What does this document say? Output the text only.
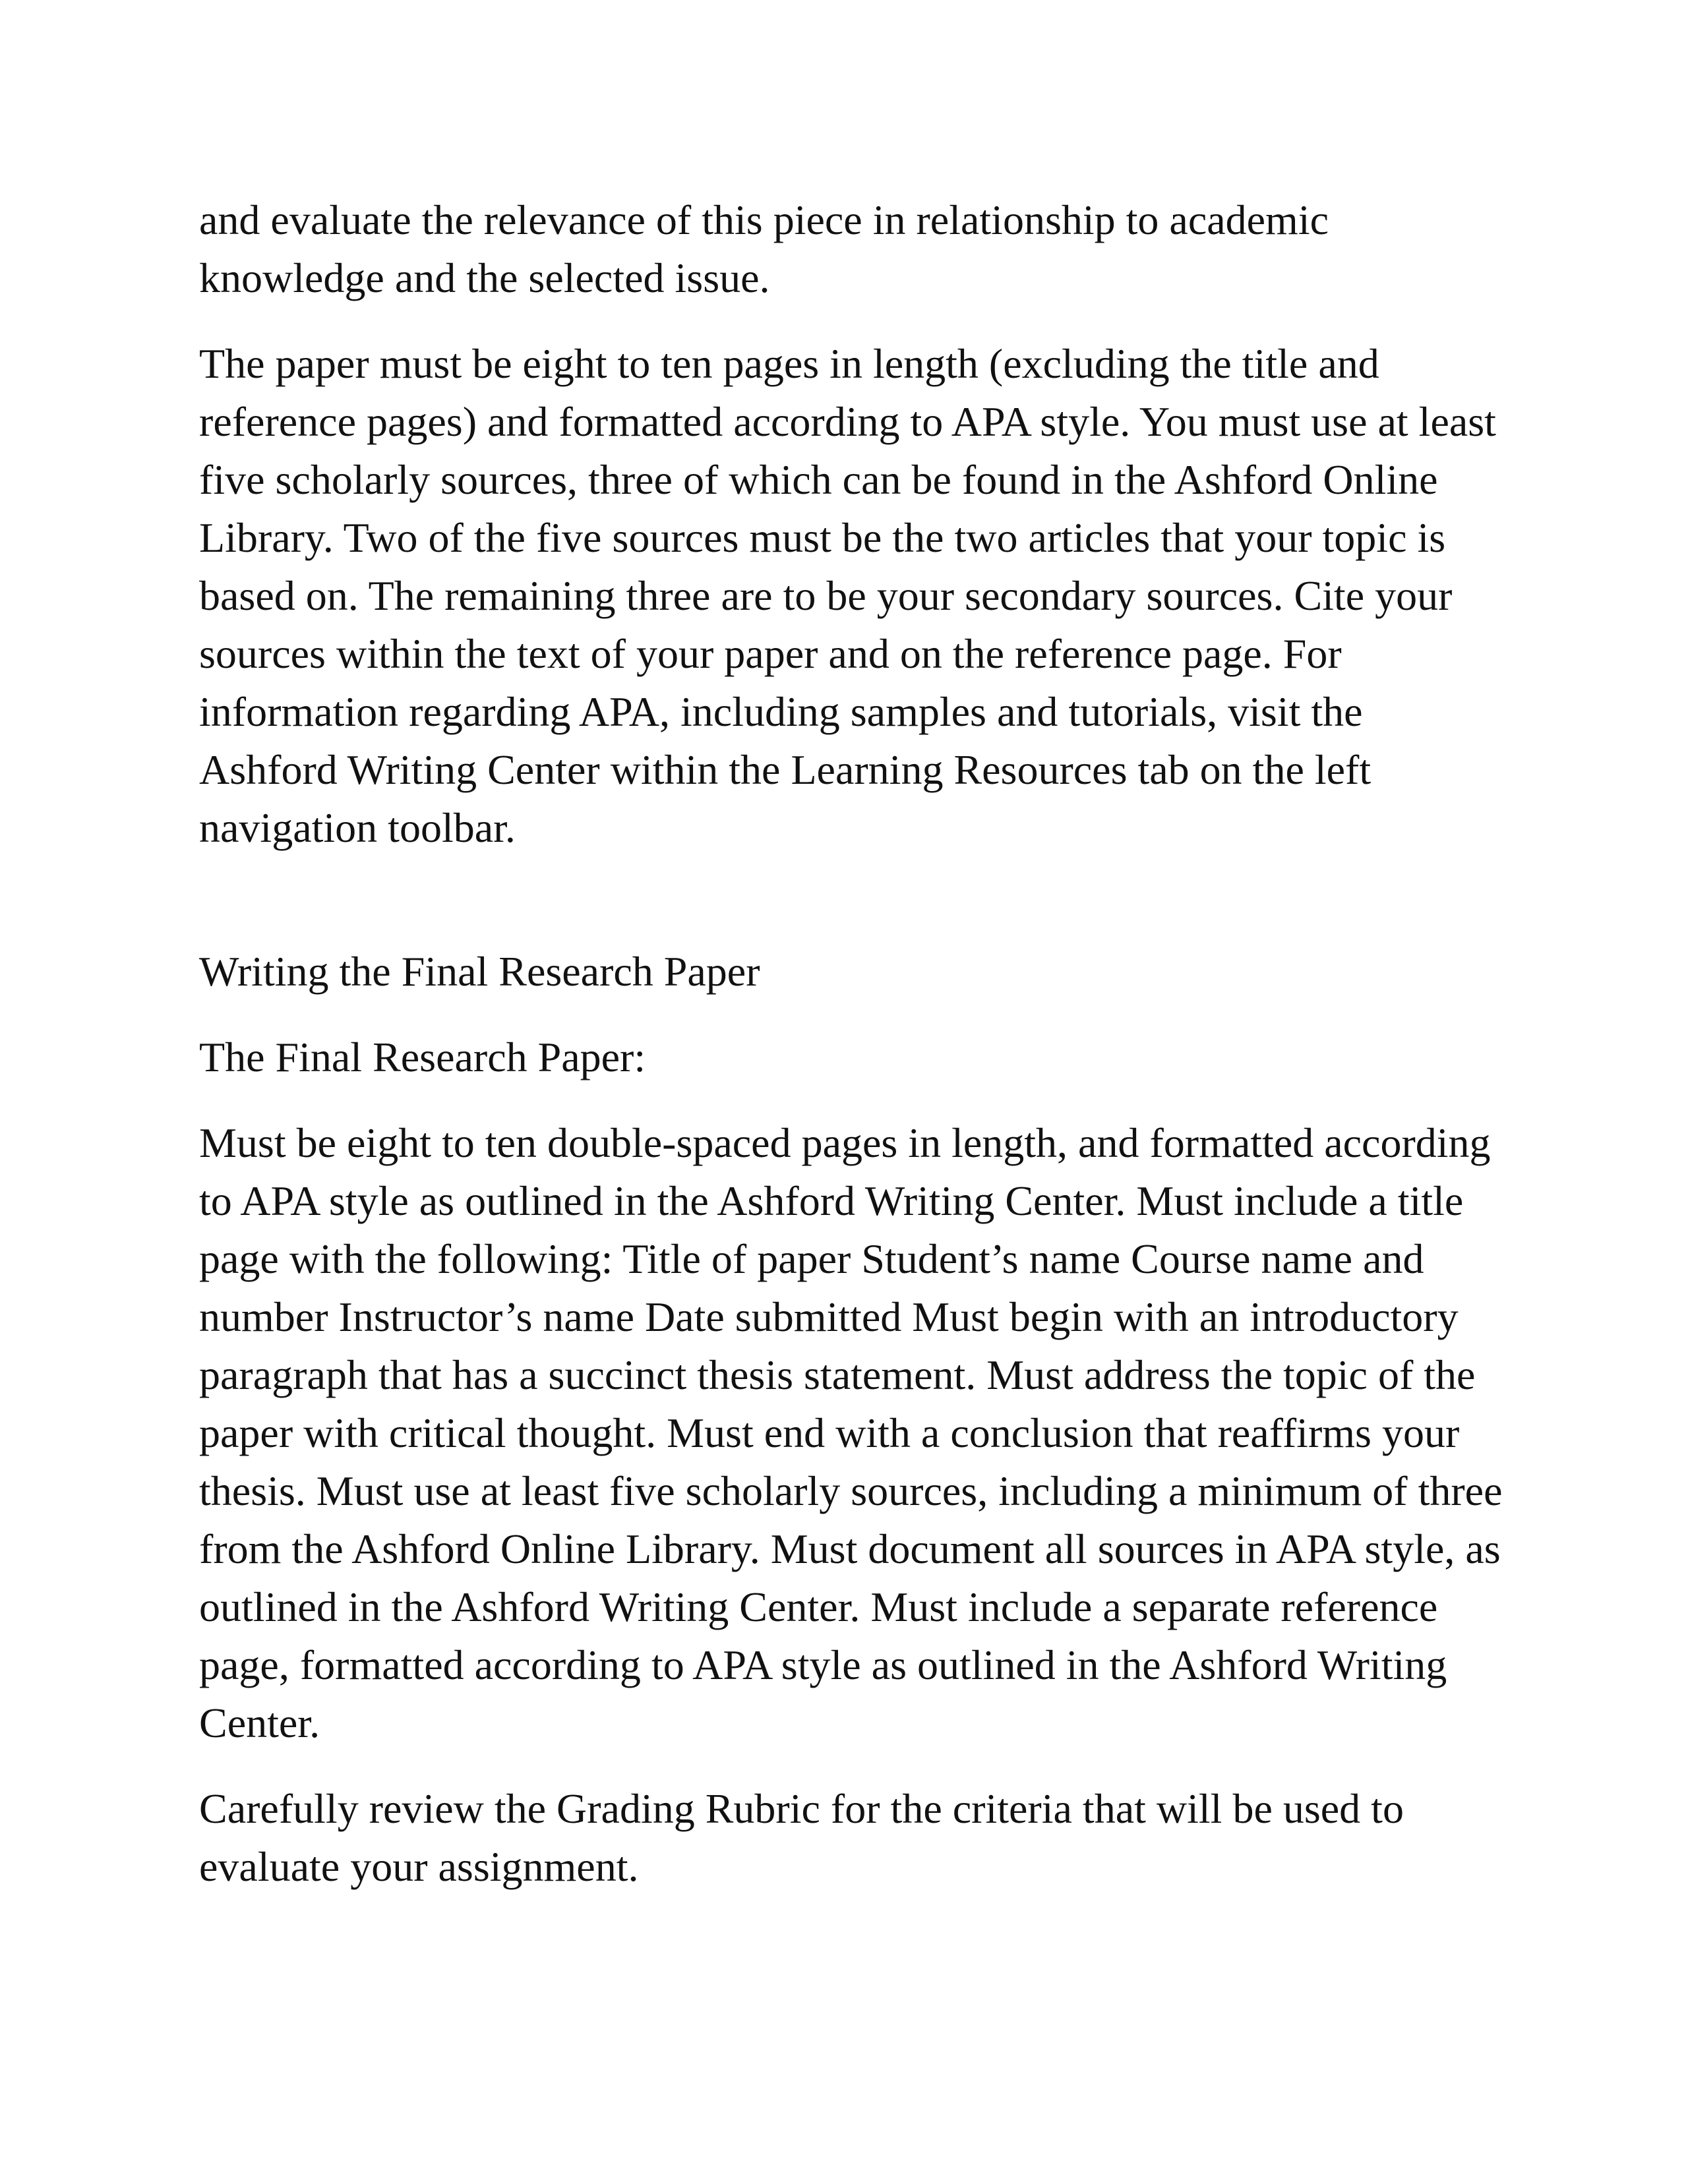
and evaluate the relevance of this piece in relationship to academic knowledge and the selected issue.

The paper must be eight to ten pages in length (excluding the title and reference pages) and formatted according to APA style. You must use at least five scholarly sources, three of which can be found in the Ashford Online Library. Two of the five sources must be the two articles that your topic is based on. The remaining three are to be your secondary sources. Cite your sources within the text of your paper and on the reference page. For information regarding APA, including samples and tutorials, visit the Ashford Writing Center within the Learning Resources tab on the left navigation toolbar.

Writing the Final Research Paper

The Final Research Paper:

Must be eight to ten double-spaced pages in length, and formatted according to APA style as outlined in the Ashford Writing Center. Must include a title page with the following: Title of paper Student’s name Course name and number Instructor’s name Date submitted Must begin with an introductory paragraph that has a succinct thesis statement. Must address the topic of the paper with critical thought. Must end with a conclusion that reaffirms your thesis. Must use at least five scholarly sources, including a minimum of three from the Ashford Online Library. Must document all sources in APA style, as outlined in the Ashford Writing Center. Must include a separate reference page, formatted according to APA style as outlined in the Ashford Writing Center.

Carefully review the Grading Rubric for the criteria that will be used to evaluate your assignment.
